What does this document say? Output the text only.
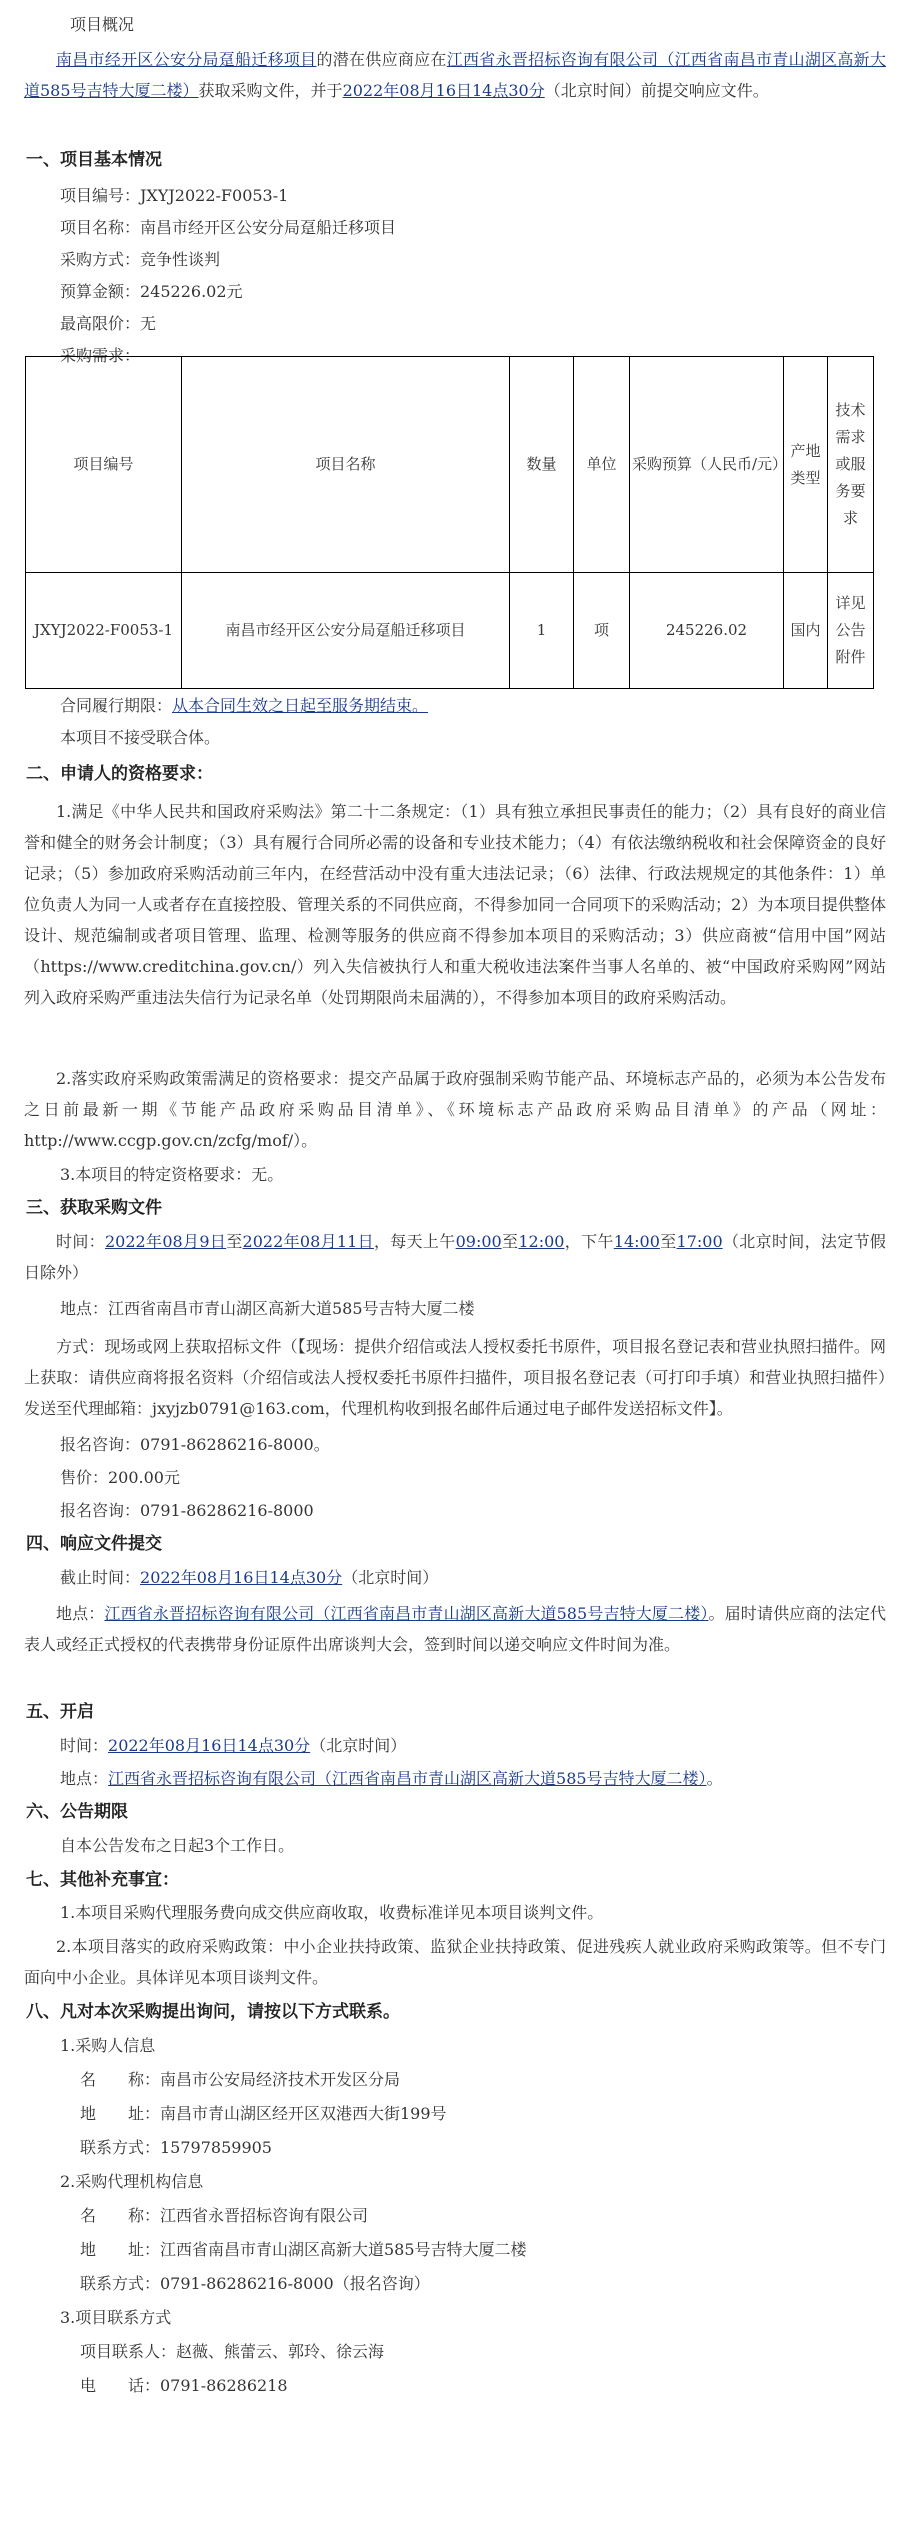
项目概况
南昌市经开区公安分局趸船迁移项目的潜在供应商应在江西省永晋招标咨询有限公司（江西省南昌市青山湖区高新大道585号吉特大厦二楼）获取采购文件，并于2022年08月16日14点30分（北京时间）前提交响应文件。
一、项目基本情况
项目编号：JXYJ2022-F0053-1
项目名称：南昌市经开区公安分局趸船迁移项目
采购方式：竞争性谈判
预算金额：245226.02元
最高限价：无
采购需求：
项目编号	项目名称	数量	单位	采购预算（人民币/元）	产地类型	技术需求或服务要求
JXYJ2022-F0053-1	南昌市经开区公安分局趸船迁移项目	1	项	245226.02	国内	详见公告附件
合同履行期限：从本合同生效之日起至服务期结束。
本项目不接受联合体。
二、申请人的资格要求：
1.满足《中华人民共和国政府采购法》第二十二条规定：（1）具有独立承担民事责任的能力；（2）具有良好的商业信誉和健全的财务会计制度；（3）具有履行合同所必需的设备和专业技术能力；（4）有依法缴纳税收和社会保障资金的良好记录；（5）参加政府采购活动前三年内，在经营活动中没有重大违法记录；（6）法律、行政法规规定的其他条件：1）单位负责人为同一人或者存在直接控股、管理关系的不同供应商，不得参加同一合同项下的采购活动；2）为本项目提供整体设计、规范编制或者项目管理、监理、检测等服务的供应商不得参加本项目的采购活动；3）供应商被“信用中国”网站（https://www.creditchina.gov.cn/）列入失信被执行人和重大税收违法案件当事人名单的、被“中国政府采购网”网站列入政府采购严重违法失信行为记录名单（处罚期限尚未届满的），不得参加本项目的政府采购活动。
2.落实政府采购政策需满足的资格要求：提交产品属于政府强制采购节能产品、环境标志产品的，必须为本公告发布之日前最新一期《节能产品政府采购品目清单》、《环境标志产品政府采购品目清单》的产品（网址：http://www.ccgp.gov.cn/zcfg/mof/）。
3.本项目的特定资格要求：无。
三、获取采购文件
时间：2022年08月9日至2022年08月11日，每天上午09:00至12:00，下午14:00至17:00（北京时间，法定节假日除外）
地点：江西省南昌市青山湖区高新大道585号吉特大厦二楼
方式：现场或网上获取招标文件（【现场：提供介绍信或法人授权委托书原件，项目报名登记表和营业执照扫描件。网上获取：请供应商将报名资料（介绍信或法人授权委托书原件扫描件，项目报名登记表（可打印手填）和营业执照扫描件）发送至代理邮箱：jxyjzb0791@163.com，代理机构收到报名邮件后通过电子邮件发送招标文件】。
报名咨询：0791-86286216-8000。
售价：200.00元
报名咨询：0791-86286216-8000
四、响应文件提交
截止时间：2022年08月16日14点30分（北京时间）
地点：江西省永晋招标咨询有限公司（江西省南昌市青山湖区高新大道585号吉特大厦二楼）。届时请供应商的法定代表人或经正式授权的代表携带身份证原件出席谈判大会，签到时间以递交响应文件时间为准。
五、开启
时间：2022年08月16日14点30分（北京时间）
地点：江西省永晋招标咨询有限公司（江西省南昌市青山湖区高新大道585号吉特大厦二楼）。
六、公告期限
自本公告发布之日起3个工作日。
七、其他补充事宜：
1.本项目采购代理服务费向成交供应商收取，收费标准详见本项目谈判文件。
2.本项目落实的政府采购政策：中小企业扶持政策、监狱企业扶持政策、促进残疾人就业政府采购政策等。但不专门面向中小企业。具体详见本项目谈判文件。
八、凡对本次采购提出询问，请按以下方式联系。
1.采购人信息
名　　称：南昌市公安局经济技术开发区分局
地　　址：南昌市青山湖区经开区双港西大街199号
联系方式：15797859905
2.采购代理机构信息
名　　称：江西省永晋招标咨询有限公司
地　　址：江西省南昌市青山湖区高新大道585号吉特大厦二楼
联系方式：0791-86286216-8000（报名咨询）
3.项目联系方式
项目联系人：赵薇、熊蕾云、郭玲、徐云海
电　　话：0791-86286218
